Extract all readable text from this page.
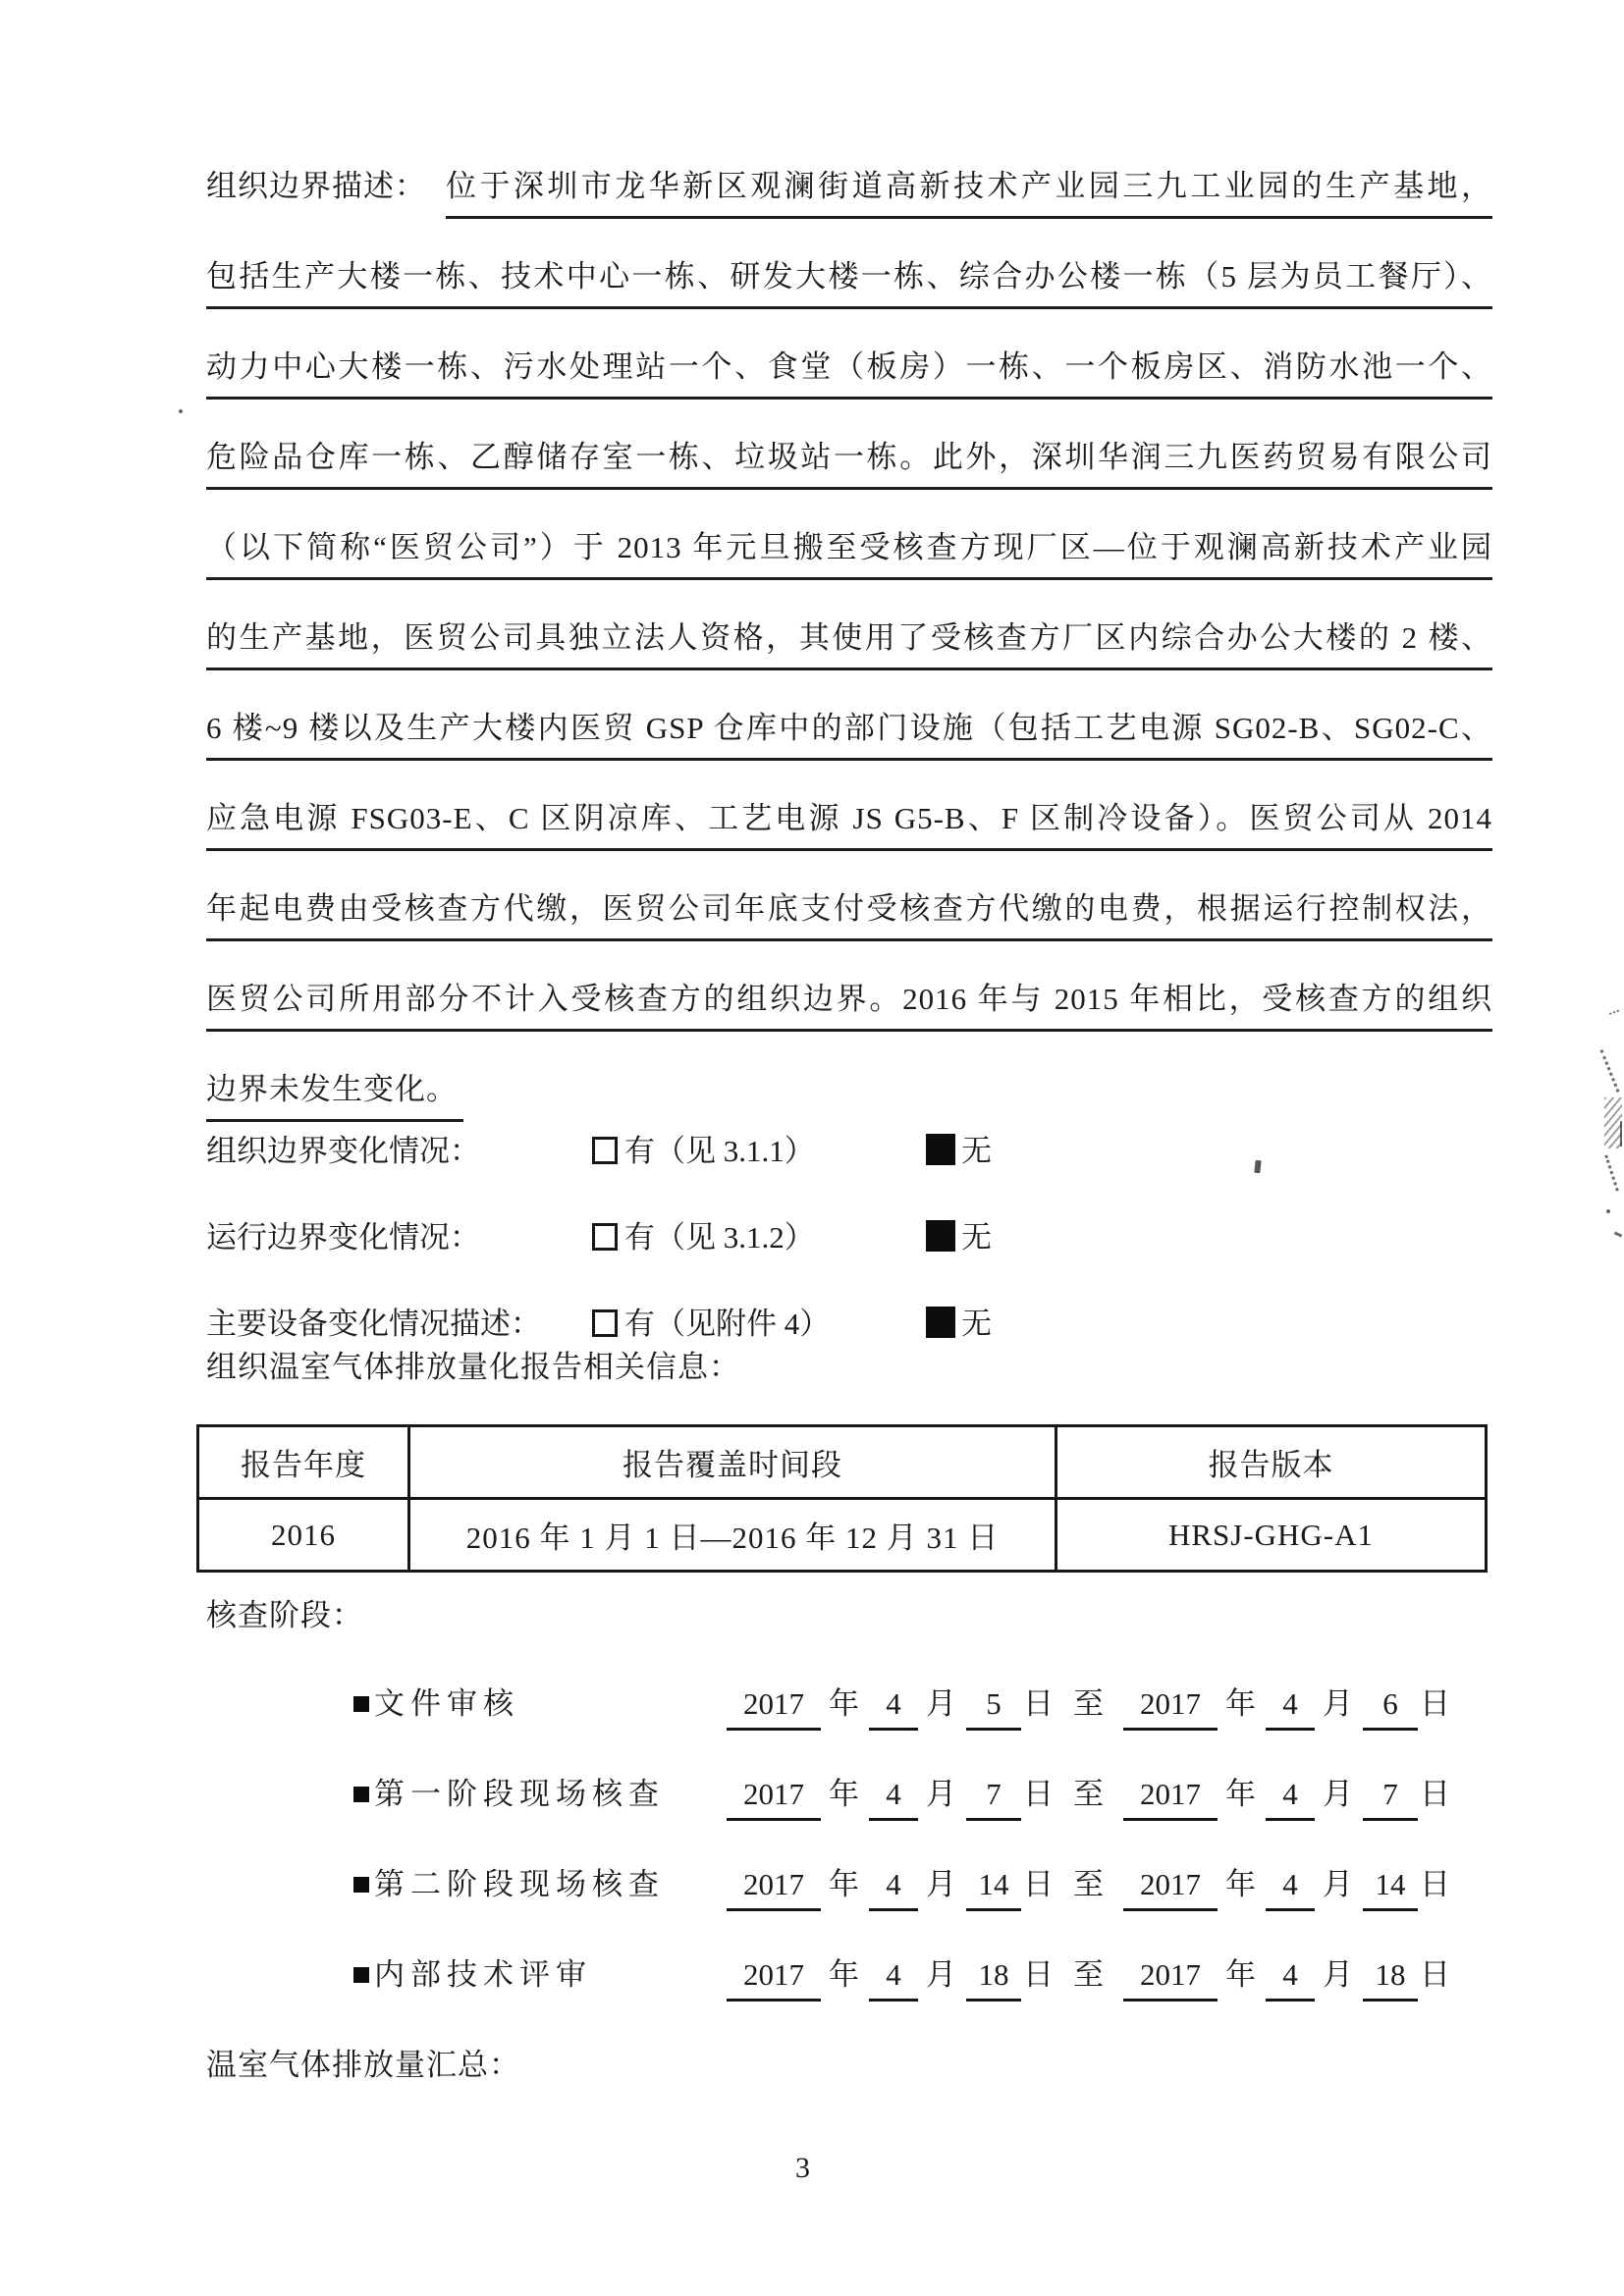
组织边界描述： 位于深圳市龙华新区观澜街道高新技术产业园三九工业园的生产基地，
包括生产大楼一栋、技术中心一栋、研发大楼一栋、综合办公楼一栋（5 层为员工餐厅）、
动力中心大楼一栋、污水处理站一个、食堂（板房）一栋、一个板房区、消防水池一个、
危险品仓库一栋、乙醇储存室一栋、垃圾站一栋。此外，深圳华润三九医药贸易有限公司
（以下简称“医贸公司”）于 2013 年元旦搬至受核查方现厂区—位于观澜高新技术产业园
的生产基地，医贸公司具独立法人资格，其使用了受核查方厂区内综合办公大楼的 2 楼、
6 楼~9 楼以及生产大楼内医贸 GSP 仓库中的部门设施（包括工艺电源 SG02-B、SG02-C、
应急电源 FSG03-E、C 区阴凉库、工艺电源 JS G5-B、F 区制冷设备）。医贸公司从 2014
年起电费由受核查方代缴，医贸公司年底支付受核查方代缴的电费，根据运行控制权法，
医贸公司所用部分不计入受核查方的组织边界。2016 年与 2015 年相比，受核查方的组织
边界未发生变化。
组织边界变化情况：	有（见 3.1.1）	无
运行边界变化情况：	有（见 3.1.2）	无
主要设备变化情况描述：	有（见附件 4）	无
组织温室气体排放量化报告相关信息：
报告年度	报告覆盖时间段	报告版本
2016	2016 年 1 月 1 日—2016 年 12 月 31 日	HRSJ-GHG-A1
核查阶段：
文件审核	2017 年 4 月 5 日 至 2017 年 4 月 6 日
第一阶段现场核查	2017 年 4 月 7 日 至 2017 年 4 月 7 日
第二阶段现场核查	2017 年 4 月 14 日 至 2017 年 4 月 14 日
内部技术评审	2017 年 4 月 18 日 至 2017 年 4 月 18 日
温室气体排放量汇总：
3
